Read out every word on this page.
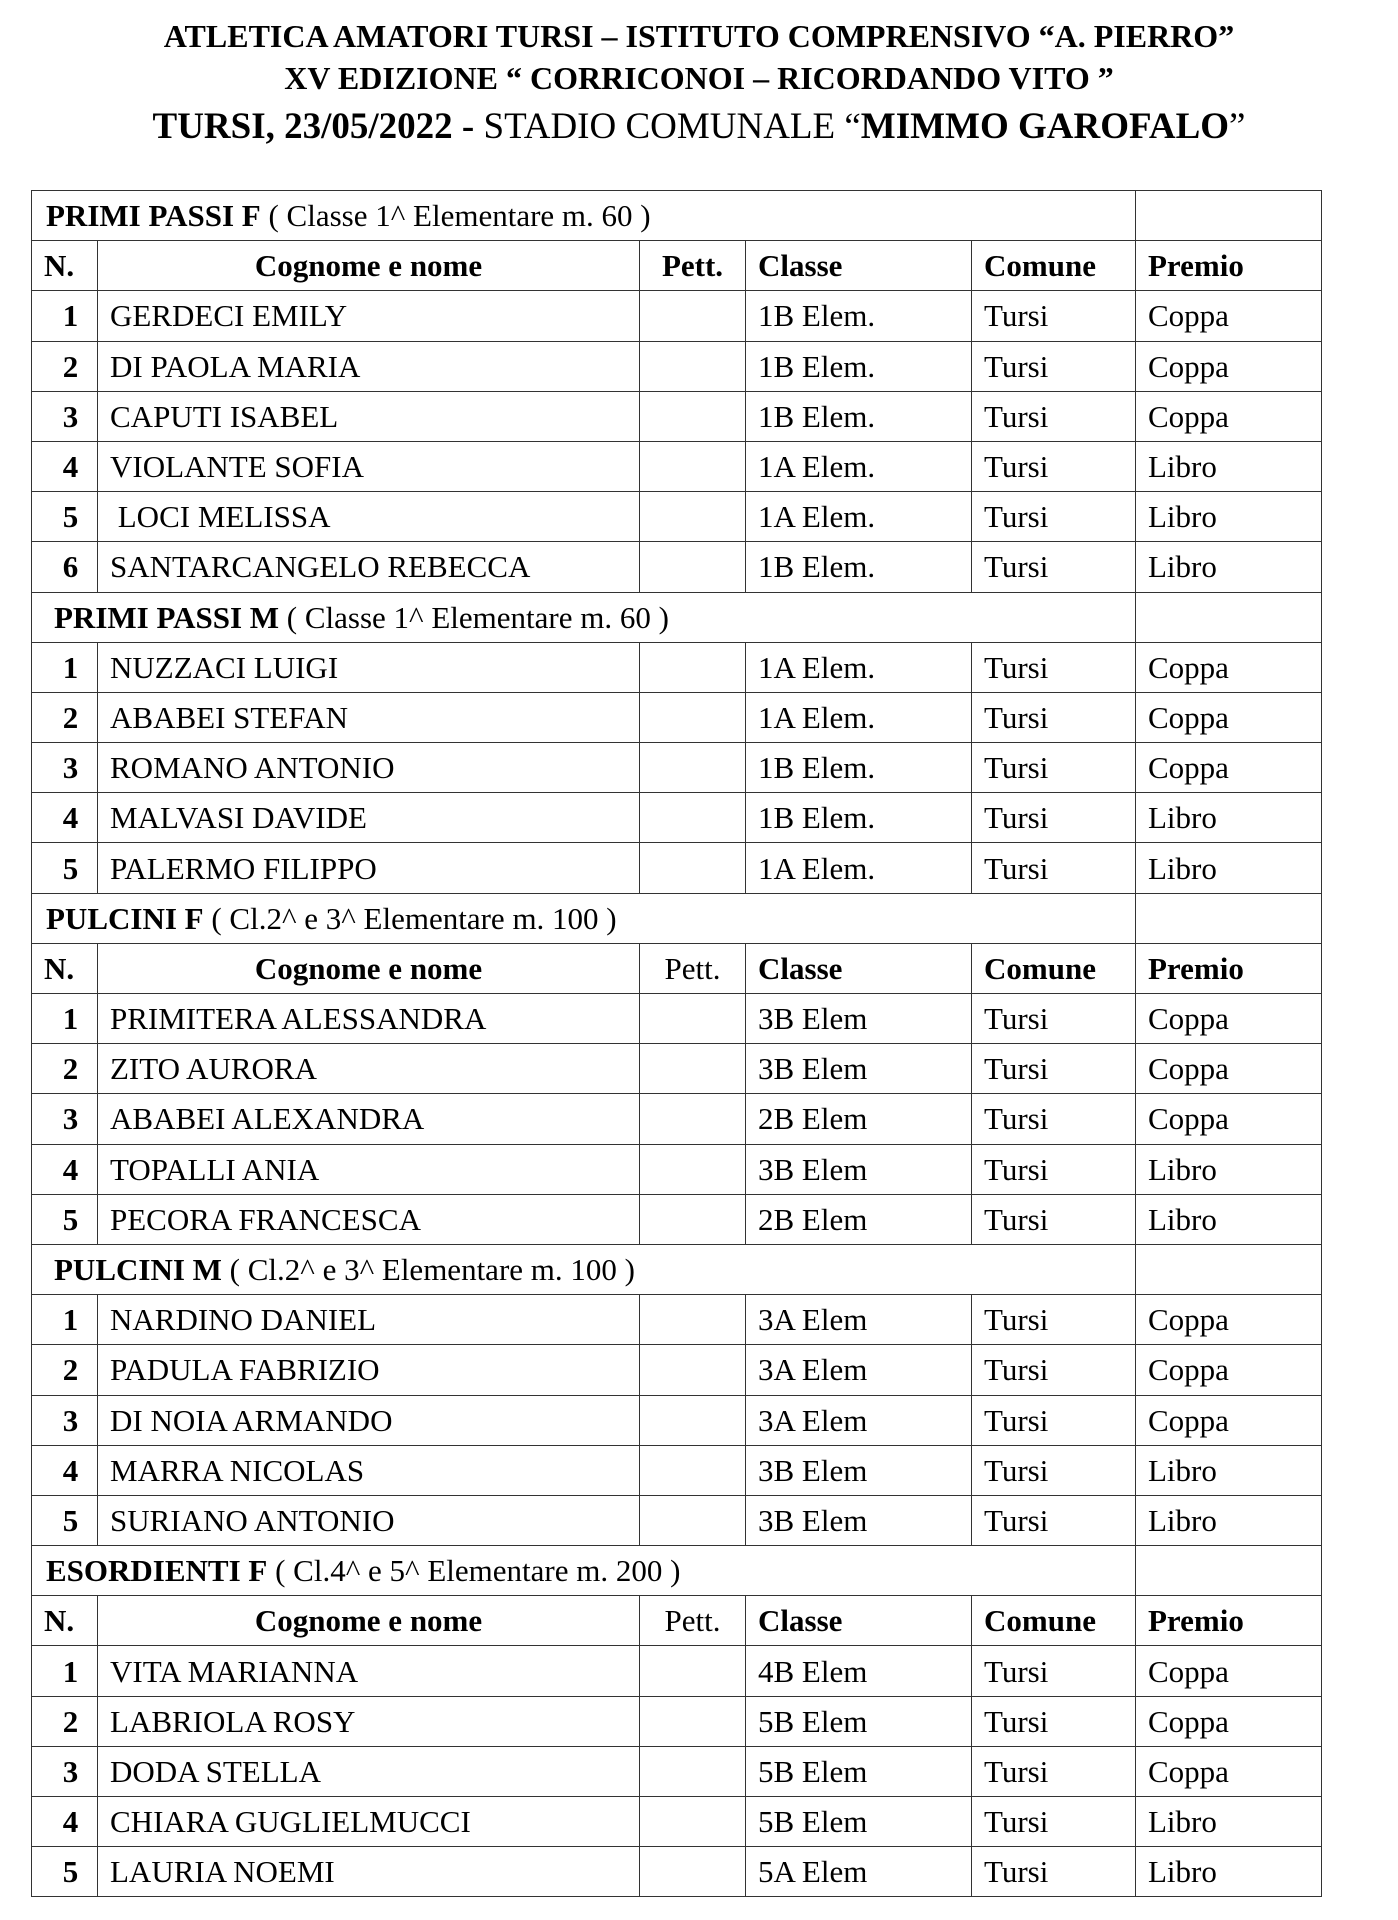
ATLETICA AMATORI TURSI – ISTITUTO COMPRENSIVO “A. PIERRO”
XV EDIZIONE “ CORRICONOI – RICORDANDO VITO ”
TURSI, 23/05/2022 - STADIO COMUNALE “MIMMO GAROFALO”
PRIMI PASSI F ( Classe 1^ Elementare m. 60 )					
N.	Cognome e nome	Pett.	Classe	Comune	Premio
1	GERDECI EMILY		1B Elem.	Tursi	Coppa
2	DI PAOLA MARIA		1B Elem.	Tursi	Coppa
3	CAPUTI ISABEL		1B Elem.	Tursi	Coppa
4	VIOLANTE SOFIA		1A Elem.	Tursi	Libro
5	LOCI MELISSA		1A Elem.	Tursi	Libro
6	SANTARCANGELO REBECCA		1B Elem.	Tursi	Libro
PRIMI PASSI M ( Classe 1^ Elementare m. 60 )					
1	NUZZACI LUIGI		1A Elem.	Tursi	Coppa
2	ABABEI STEFAN		1A Elem.	Tursi	Coppa
3	ROMANO ANTONIO		1B Elem.	Tursi	Coppa
4	MALVASI DAVIDE		1B Elem.	Tursi	Libro
5	PALERMO FILIPPO		1A Elem.	Tursi	Libro
PULCINI F ( Cl.2^ e 3^ Elementare m. 100 )					
N.	Cognome e nome	Pett.	Classe	Comune	Premio
1	PRIMITERA ALESSANDRA		3B Elem	Tursi	Coppa
2	ZITO AURORA		3B Elem	Tursi	Coppa
3	ABABEI ALEXANDRA		2B Elem	Tursi	Coppa
4	TOPALLI ANIA		3B Elem	Tursi	Libro
5	PECORA FRANCESCA		2B Elem	Tursi	Libro
PULCINI M ( Cl.2^ e 3^ Elementare m. 100 )					
1	NARDINO DANIEL		3A Elem	Tursi	Coppa
2	PADULA FABRIZIO		3A Elem	Tursi	Coppa
3	DI NOIA ARMANDO		3A Elem	Tursi	Coppa
4	MARRA NICOLAS		3B Elem	Tursi	Libro
5	SURIANO ANTONIO		3B Elem	Tursi	Libro
ESORDIENTI F ( Cl.4^ e 5^ Elementare m. 200 )					
N.	Cognome e nome	Pett.	Classe	Comune	Premio
1	VITA MARIANNA		4B Elem	Tursi	Coppa
2	LABRIOLA ROSY		5B Elem	Tursi	Coppa
3	DODA STELLA		5B Elem	Tursi	Coppa
4	CHIARA GUGLIELMUCCI		5B Elem	Tursi	Libro
5	LAURIA NOEMI		5A Elem	Tursi	Libro
